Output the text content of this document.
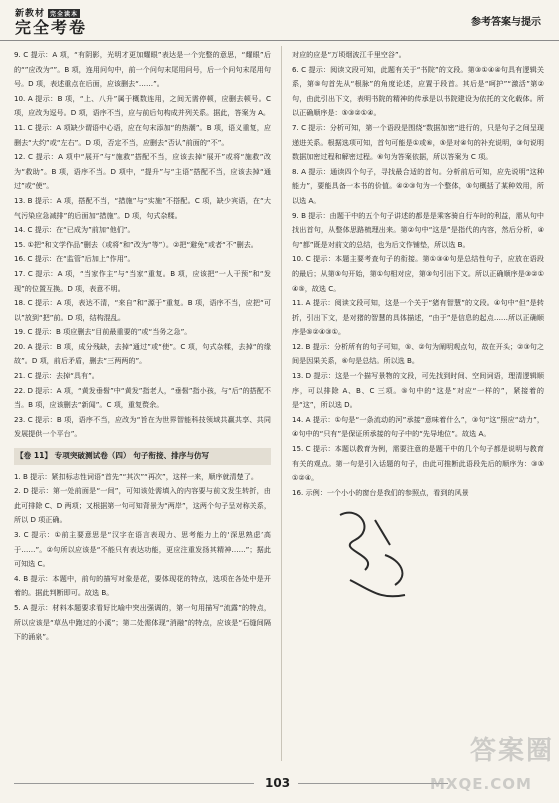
新教材 完全读本
完全考卷	参考答案与提示

9. C 提示：A 项，“有阴影，光明才更加耀眼”表达是一个完整的意思，“耀眼”后的“”应改为“”。B 项，连用问句中，前一个问句末尾用问号，后一个问句末尾用句号。D 项，表述重点在后面，应该删去“……”。

10. A 提示：B 项，“上、八升”属于概数连用，之间无需停顿，应删去顿号。C 项，应改为逗号。D 项，语序不当，应与前后句构成并列关系。据此，答案为 A。

11. C 提示：A 项缺少谓语中心语，应在句末添加“的热潮”。B 项，语义重复，应删去“大约”或“左右”。D 项，否定不当，应删去“否认”前面的“不”。

12. C 提示：A 项中“展开”与“施救”搭配不当，应该去掉“展开”或将“施救”改为“救助”。B 项，语序不当。D 项中，“提升”与“主语”搭配不当，应该去掉“通过”或“使”。

13. B 提示：A 项，搭配不当，“措施”与“实施”不搭配。C 项，缺少宾语，在“大气污染应急减排”的后面加“措施”。D 项，句式杂糅。

14. C 提示：在“已成为”前加“他们”。

15. ①把“和文学作品”删去（或将“和”改为“等”）。②把“避免”或者“不”删去。

16. C 提示：在“监管”后加上“作用”。

17. C 提示：A 项，“当家作主”与“当家”重复。B 项，应该把“一人干预”和“发现”的位置互换。D 项，表意不明。

18. C 提示：A 项，表达不清，“来自”和“源于”重复。B 项，语序不当，应把“可以”放到“把”前。D 项，结构混乱。

19. C 提示：B 项应删去“目前最重要的”或“当务之急”。

20. A 提示：B 项，成分残缺，去掉“通过”或“使”。C 项，句式杂糅，去掉“的缘故”。D 项，前后矛盾，删去“三两两的”。

21. C 提示：去掉“具有”。

22. D 提示：A 项，“黄发垂髫”中“黄发”指老人，“垂髫”指小孩，与“后”的搭配不当。B 项，应该删去“新闻”。C 项，重复赘余。

23. C 提示：B 项，语序不当，应改为“旨在为世界智能科技领域共赢共享、共同发展提供一个平台”。

【卷 11】 专项突破测试卷（四） 句子衔接、排序与仿写

1. B 提示：紧扣标志性词语“首先”“其次”“再次”，这样一来，顺序就清楚了。

2. D 提示：第一处前面是“一间”，可知该处需填入的内容要与前文发生转折，由此可排除 C、D 两项；又根据第一句可知背景为“两岸”，这两个句子呈对称关系，所以 D 项正确。

3. C 提示：①前主要意思是“汉字在语言表现力、思考能力上的‘深思熟虑’高于……”。②句所以应该是“不能只有表达功能，更应注重发扬其精神……”；据此可知选 C。

4. B 提示：本题中，前句的描写对象是花，要体现花的特点，选项在各处中是开着的。据此判断即可。故选 B。

5. A 提示：材料本题要求看好比喻中突出强调的，第一句用描写“流露”的特点，所以应该是“草丛中跑过的小溪”；第二处需体现“消融”的特点，应该是“石缝间隔下的涌泉”。

对应的应是“万顷烟波江千里空谷”。

6. C 提示：阅读文段可知，此题有关于“书院”的文段。第③①④④句具有逻辑关系，第⑤句首先从“根脉”的角度论述，应置于段首。其后是“呵护”“激活”第②句，由此引出下文，表明书院的精神的传承是以书院建设为依托的文化载体。所以正确顺序是：⑤③②①④。

7. C 提示：分析可知，第一个语段是围绕“数据加密”进行的，只是句子之间呈现递进关系。根据选项可知，首句可能是①或⑥，⑤是对④句的补充说明，③句说明数据加密过程和解密过程。⑥句为答案依据，所以答案为 C 项。

8. A 提示：通读四个句子，寻找最合适的首句。分析前后可知，应先说明“这种能力”，要能具备一本书的价值。④②③句为一个整体，⑤句概括了某种效用，所以选 A。

9. B 提示：由题干中的五个句子讲述的都是是乘客骑自行车时的利益，需从句中找出首句，从整体思路梳理出来。第②句中“这是”是指代的内容，然后分析，④句“都”既是对前文的总结，也为后文作铺垫，所以选 B。

10. C 提示：本题主要考查句子的衔接。第①③④句是总结性句子，应放在语段的最后；从第⑤句开始，第①句相对应，第③句引出下文。所以正确顺序是③②①④⑤，故选 C。

11. A 提示：阅读文段可知，这是一个关于“猪有智慧”的文段。④句中“但”是转折，引出下文，是对猪的智慧的具体描述，“由于”是信息的起点……所以正确顺序是⑤②④③①。

12. B 提示：分析所有的句子可知，⑤、②句为阐明观点句，故在开头；②③句之间是因果关系，⑥句是总结。所以选 B。

13. D 提示：这是一个描写景物的文段，可先找到时间、空间词语，理清逻辑顺序，可以排除 A、B、C 三项。⑤句中的“这是”对应“一样的”，紧接着的是“这”，所以选 D。

14. A 提示：①句是“一条流动的河”承接“意味着什么”，③句“这”照应“动力”，④句中的“只有”是保证所承接的句子中的“先导地位”。故选 A。

15. C 提示：本题以教育为例，需要注意的是题干中的几个句子都是说明与教育有关的观点。第一句是引入话题的句子，由此可推断此语段先后的顺序为：③⑤①②④。

16. 示例：一个小小的窗台是我们的参照点，看到的风景

103
答案圈
MXQE.COM
